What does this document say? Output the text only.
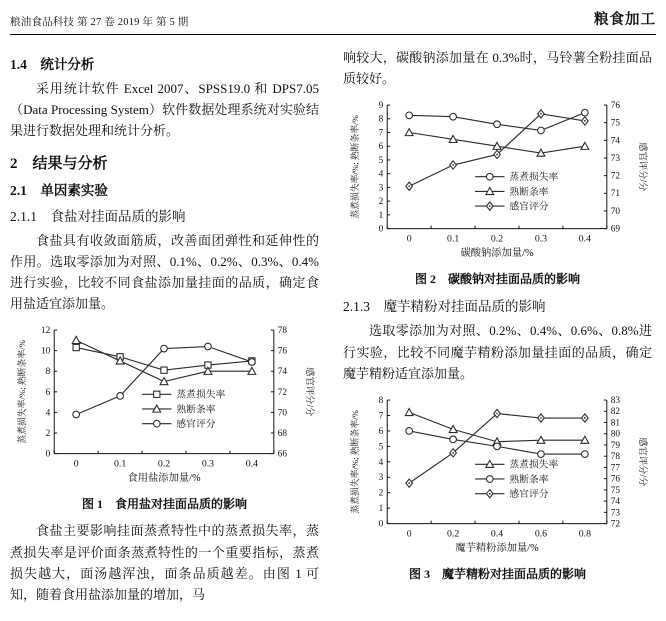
粮油食品科技 第 27 卷 2019 年 第 5 期	粮食加工
1.4　统计分析

采用统计软件 Excel 2007、SPSS19.0 和 DPS7.05（Data Processing System）软件数据处理系统对实验结果进行数据处理和统计分析。

2　结果与分析
2.1　单因素实验
2.1.1　食盐对挂面品质的影响

食盐具有收敛面筋质，改善面团弹性和延伸性的作用。选取零添加为对照、0.1%、0.2%、0.3%、0.4%进行实验，比较不同食盐添加量挂面的品质，确定食用盐适宜添加量。

0
2
4
6
8
10
12
66
68
70
72
74
76
78
0	0.1	0.2	0.3	0.4
食用盐添加量/%
蒸煮损失率/%; 熟断条率/%	感官评分/分
蒸煮损失率
熟断条率
感官评分
图 1　食用盐对挂面品质的影响

食盐主要影响挂面蒸煮特性中的蒸煮损失率，蒸煮损失率是评价面条蒸煮特性的一个重要指标，蒸煮损失越大，面汤越浑浊，面条品质越差。由图 1 可知，随着食用盐添加量的增加，马

响较大，碳酸钠添加量在 0.3%时，马铃薯全粉挂面品质较好。

0
1
2
3
4
5
6
7
8
9
69
70
71
72
73
74
75
76
0	0.1	0.2	0.3	0.4
碳酸钠添加量/%
蒸煮损失率/%; 熟断条率/%	感官评分/分
蒸煮损失率
熟断条率
感官评分
图 2　碳酸钠对挂面品质的影响
2.1.3　魔芋精粉对挂面品质的影响

选取零添加为对照、0.2%、0.4%、0.6%、0.8%进行实验，比较不同魔芋精粉添加量挂面的品质，确定魔芋精粉适宜添加量。

0
1
2
3
4
5
6
7
8
72
73
74
75
76
77
78
79
80
81
82
83
0	0.2	0.4	0.6	0.8
魔芋精粉添加量/%
蒸煮损失率/%; 熟断条率/%	感官评分/分
蒸煮损失率
熟断条率
感官评分
图 3　魔芋精粉对挂面品质的影响
